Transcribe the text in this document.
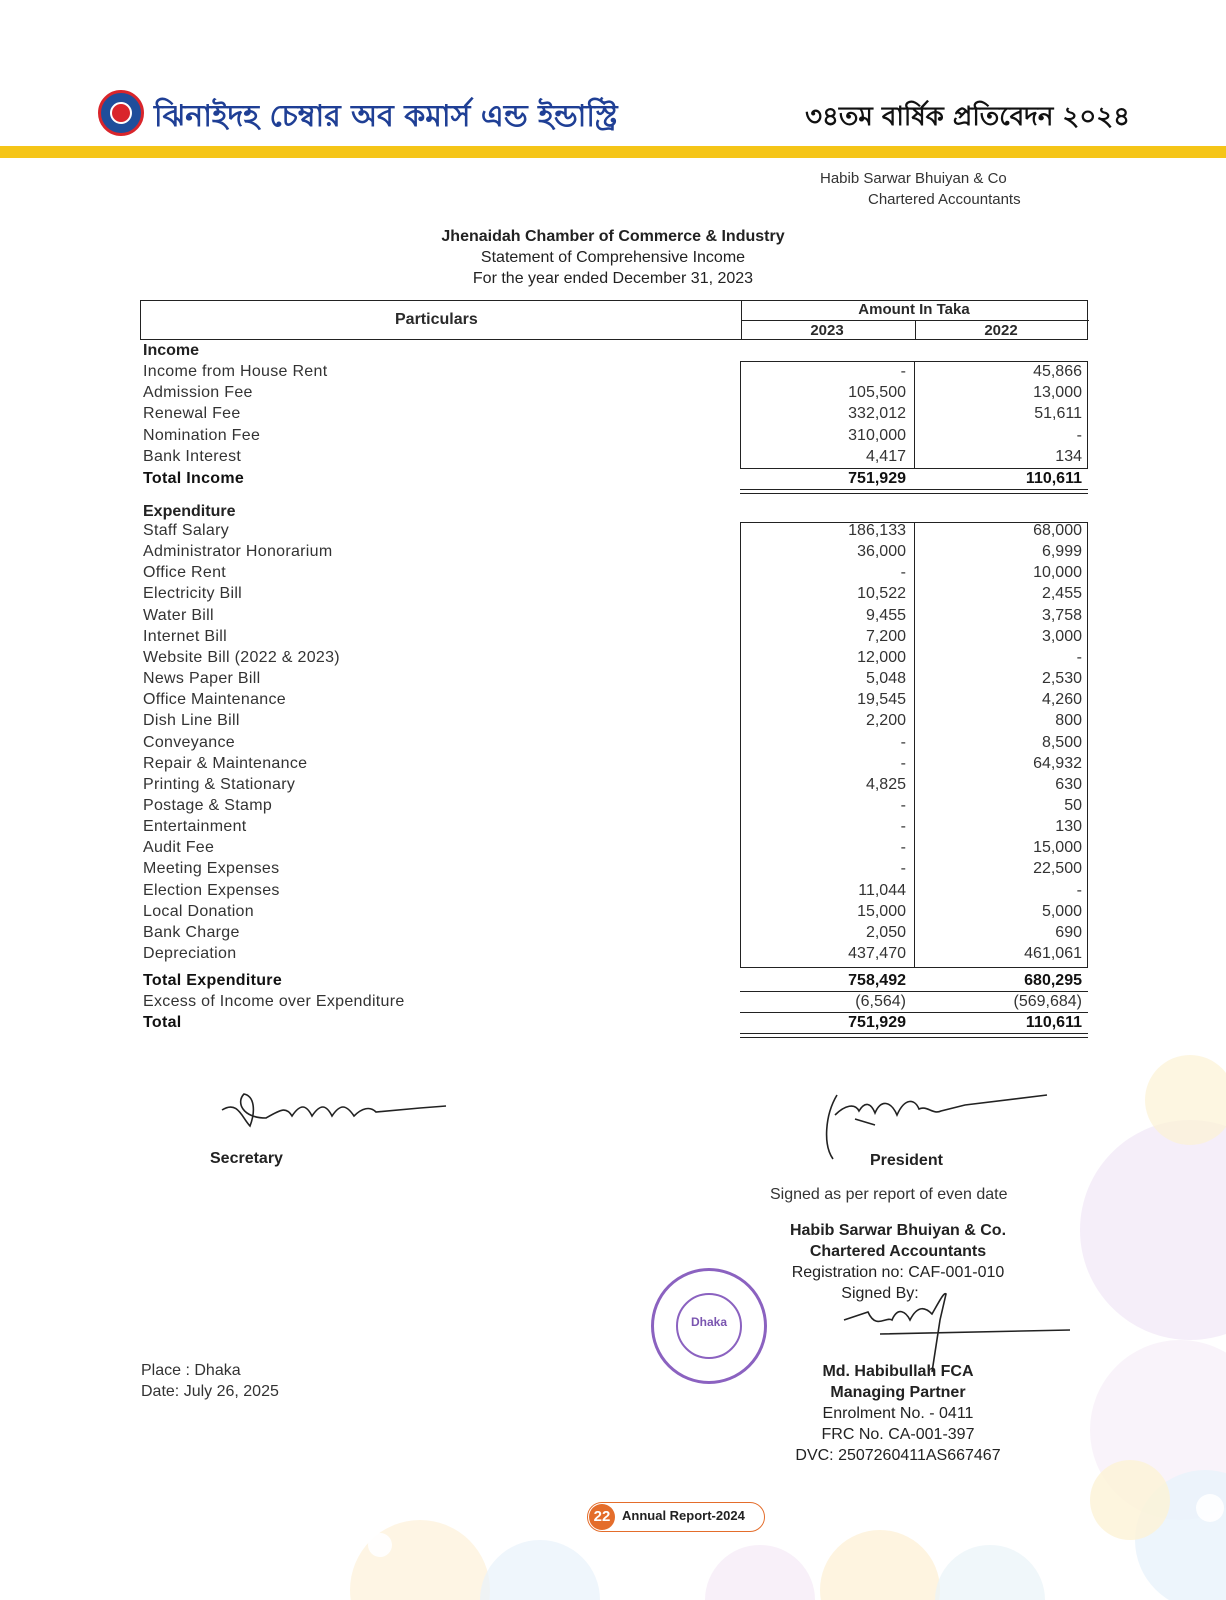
ঝিনাইদহ চেম্বার অব কমার্স এন্ড ইন্ডাস্ট্রি	৩৪তম বার্ষিক প্রতিবেদন ২০২৪
Habib Sarwar Bhuiyan & Co
Chartered Accountants
Jhenaidah Chamber of Commerce & Industry
Statement of Comprehensive Income
For the year ended December 31, 2023
Particulars
Amount In Taka
2023	2022
Income
Income from House Rent	-	45,866
Admission Fee	105,500	13,000
Renewal Fee	332,012	51,611
Nomination Fee	310,000	-
Bank Interest	4,417	134
Total Income	751,929	110,611
Expenditure
Staff Salary	186,133	68,000
Administrator Honorarium	36,000	6,999
Office Rent	-	10,000
Electricity Bill	10,522	2,455
Water Bill	9,455	3,758
Internet Bill	7,200	3,000
Website Bill (2022 & 2023)	12,000	-
News Paper Bill	5,048	2,530
Office Maintenance	19,545	4,260
Dish Line Bill	2,200	800
Conveyance	-	8,500
Repair & Maintenance	-	64,932
Printing & Stationary	4,825	630
Postage & Stamp	-	50
Entertainment	-	130
Audit Fee	-	15,000
Meeting Expenses	-	22,500
Election Expenses	11,044	-
Local Donation	15,000	5,000
Bank Charge	2,050	690
Depreciation	437,470	461,061
Total Expenditure	758,492	680,295
Excess of Income over Expenditure	(6,564)	(569,684)
Total	751,929	110,611
Secretary	President
Signed as per report of even date
Habib Sarwar Bhuiyan & Co.
Chartered Accountants
Registration no: CAF-001-010
Signed By:
Dhaka
Md. Habibullah FCA
Managing Partner
Enrolment No. - 0411
FRC No. CA-001-397
DVC: 2507260411AS667467
Place : Dhaka
Date: July 26, 2025
22 Annual Report-2024
